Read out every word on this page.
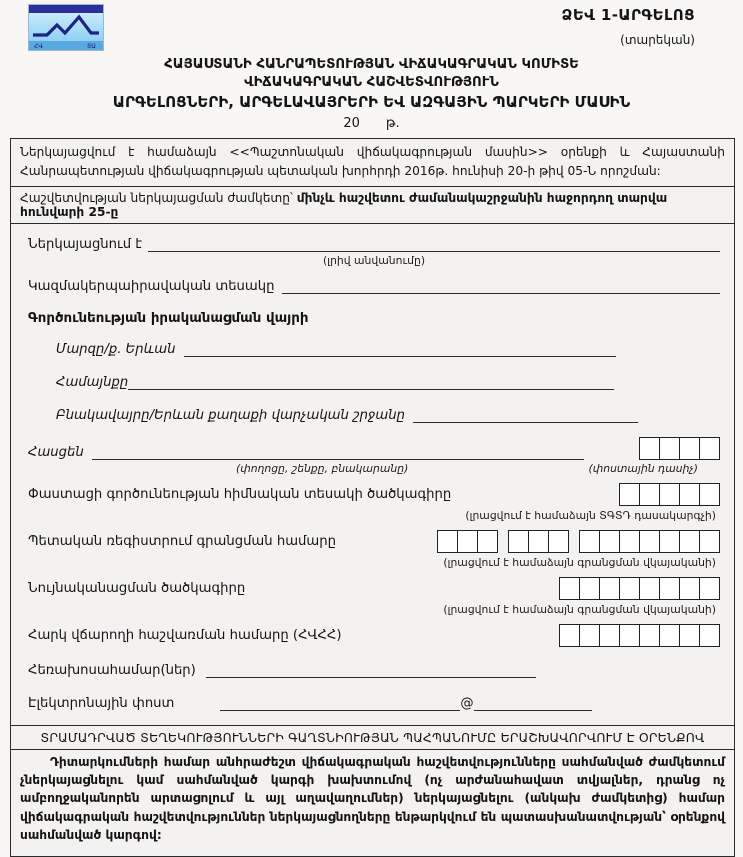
ՀՎ	ՏԱ
ՁԵՎ 1-ԱՐԳԵԼՈՑ
(տարեկան)
ՀԱՅԱՍՏԱՆԻ ՀԱՆՐԱՊԵՏՈՒԹՅԱՆ ՎԻՃԱԿԱԳՐԱԿԱՆ ԿՈՄԻՏԵ
ՎԻՃԱԿԱԳՐԱԿԱՆ ՀԱՇՎԵՏՎՈՒԹՅՈՒՆ
ԱՐԳԵԼՈՑՆԵՐԻ, ԱՐԳԵԼԱՎԱՅՐԵՐԻ ԵՎ ԱԶԳԱՅԻՆ ՊԱՐԿԵՐԻ ՄԱՍԻՆ
20 թ.
Ներկայացվում է համաձայն <<Պաշտոնական վիճակագրության մասին>> օրենքի և Հայաստանի Հանրապետության վիճակագրության պետական խորհրդի 2016թ. հունիսի 20-ի թիվ 05-Ն որոշման:
Հաշվետվության ներկայացման ժամկետը՝ մինչև հաշվետու ժամանակաշրջանին հաջորդող տարվա հունվարի 25-ը
Ներկայացնում է
(լրիվ անվանումը)
Կազմակերպաիրավական տեսակը
Գործունեության իրականացման վայրի
Մարզը/ք. Երևան
Համայնքը
Բնակավայրը/Երևան քաղաքի վարչական շրջանը
Հասցեն
(փողոցը, շենքը, բնակարանը)	(փոստային դասիչ)
Փաստացի գործունեության հիմնական տեսակի ծածկագիրը
(լրացվում է համաձայն ՏԳՏԴ դասակարգչի)
Պետական ռեգիստրում գրանցման համարը
(լրացվում է համաձայն գրանցման վկայականի)
Նույնականացման ծածկագիրը
(լրացվում է համաձայն գրանցման վկայականի)
Հարկ վճարողի հաշվառման համարը (ՀՎՀՀ)
Հեռախոսահամար(ներ)
Էլեկտրոնային փոստ	@
ՏՐԱՄԱԴՐՎԱԾ ՏԵՂԵԿՈՒԹՅՈՒՆՆԵՐԻ ԳԱՂՏՆԻՈՒԹՅԱՆ ՊԱՀՊԱՆՈՒՄԸ ԵՐԱՇԽԱՎՈՐՎՈՒՄ Է ՕՐԵՆՔՈՎ

Դիտարկումների համար անհրաժեշտ վիճակագրական հաշվետվությունները սահմանված ժամկետում չներկայացնելու կամ սահմանված կարգի խախտումով (ոչ արժանահավատ տվյալներ, դրանց ոչ ամբողջականորեն արտացոլում և այլ աղավաղումներ) ներկայացնելու (անկախ ժամկետից) համար վիճակագրական հաշվետվություններ ներկայացնողները ենթարկվում են պատասխանատվության՝ օրենքով սահմանված կարգով:
